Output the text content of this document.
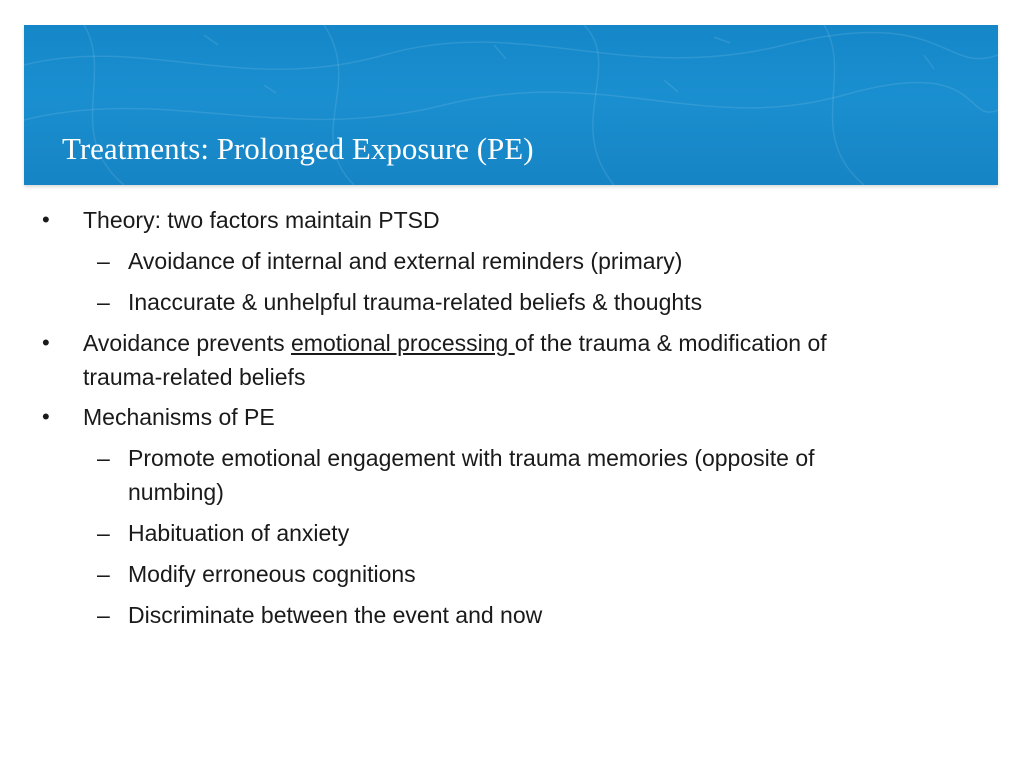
Treatments: Prolonged Exposure (PE)
• Theory: two factors maintain PTSD
– Avoidance of internal and external reminders (primary)
– Inaccurate & unhelpful trauma-related beliefs & thoughts
• Avoidance prevents emotional processing of the trauma & modification of
trauma-related beliefs
• Mechanisms of PE
– Promote emotional engagement with trauma memories (opposite of
numbing)
– Habituation of anxiety
– Modify erroneous cognitions
– Discriminate between the event and now
